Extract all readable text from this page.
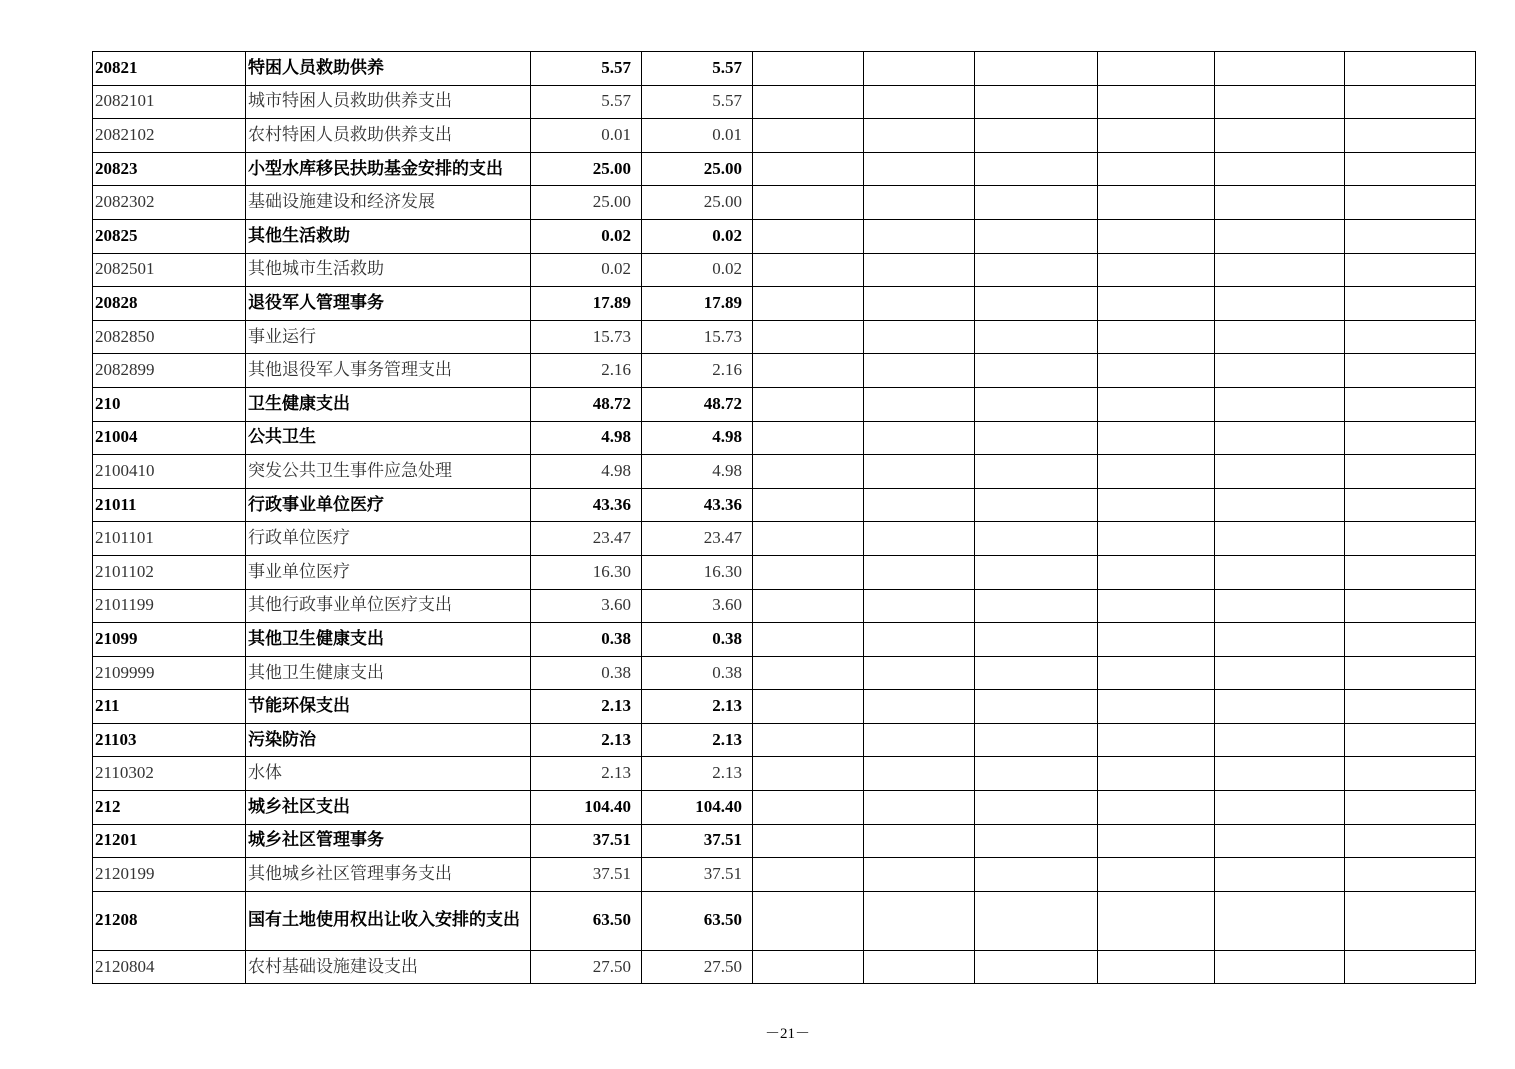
20821	特困人员救助供养	5.57	5.57						
2082101	城市特困人员救助供养支出	5.57	5.57						
2082102	农村特困人员救助供养支出	0.01	0.01						
20823	小型水库移民扶助基金安排的支出	25.00	25.00						
2082302	基础设施建设和经济发展	25.00	25.00						
20825	其他生活救助	0.02	0.02						
2082501	其他城市生活救助	0.02	0.02						
20828	退役军人管理事务	17.89	17.89						
2082850	事业运行	15.73	15.73						
2082899	其他退役军人事务管理支出	2.16	2.16						
210	卫生健康支出	48.72	48.72						
21004	公共卫生	4.98	4.98						
2100410	突发公共卫生事件应急处理	4.98	4.98						
21011	行政事业单位医疗	43.36	43.36						
2101101	行政单位医疗	23.47	23.47						
2101102	事业单位医疗	16.30	16.30						
2101199	其他行政事业单位医疗支出	3.60	3.60						
21099	其他卫生健康支出	0.38	0.38						
2109999	其他卫生健康支出	0.38	0.38						
211	节能环保支出	2.13	2.13						
21103	污染防治	2.13	2.13						
2110302	水体	2.13	2.13						
212	城乡社区支出	104.40	104.40						
21201	城乡社区管理事务	37.51	37.51						
2120199	其他城乡社区管理事务支出	37.51	37.51						
21208	国有土地使用权出让收入安排的支出	63.50	63.50						
2120804	农村基础设施建设支出	27.50	27.50						
－21－
